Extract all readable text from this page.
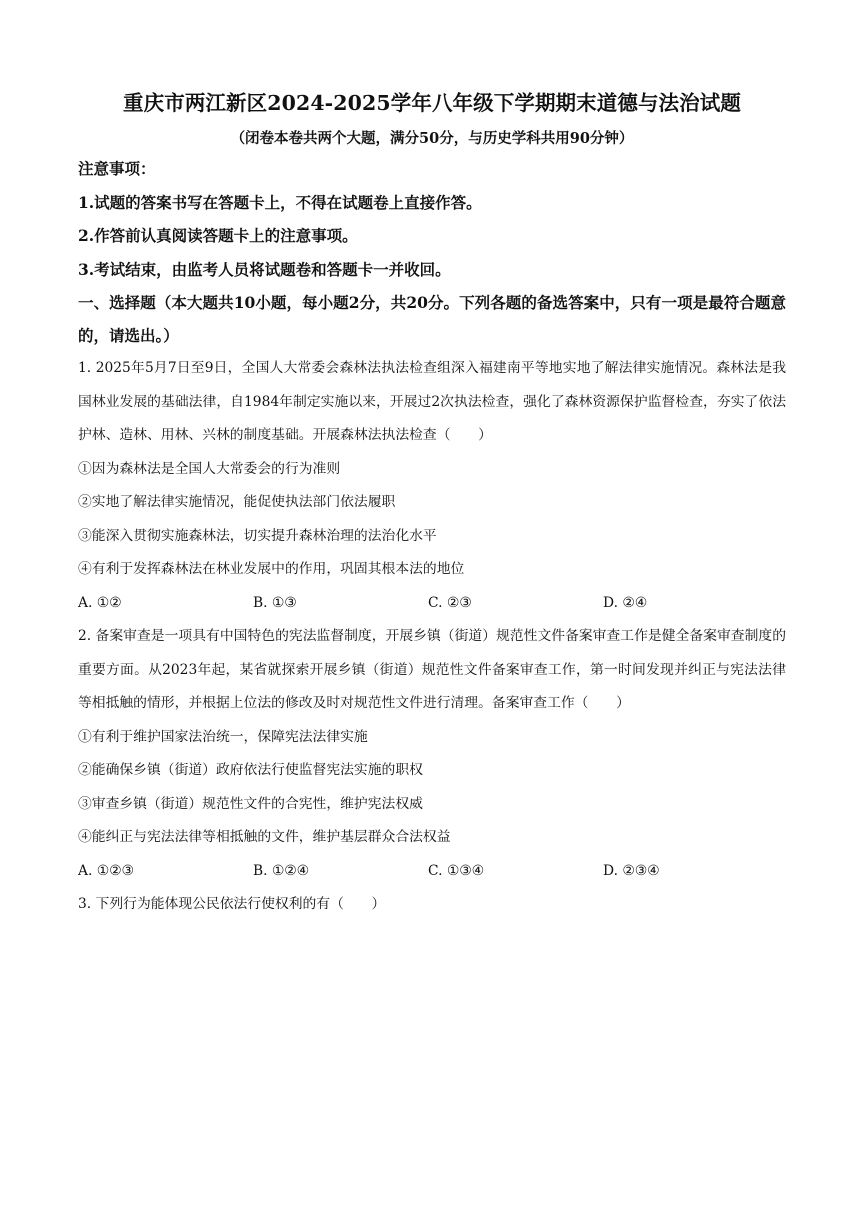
重庆市两江新区2024-2025学年八年级下学期期末道德与法治试题
（闭卷本卷共两个大题，满分50分，与历史学科共用90分钟）
注意事项：
1.试题的答案书写在答题卡上，不得在试题卷上直接作答。
2.作答前认真阅读答题卡上的注意事项。
3.考试结束，由监考人员将试题卷和答题卡一并收回。
一、选择题（本大题共10小题，每小题2分，共20分。下列各题的备选答案中，只有一项是最符合题意的，请选出。）
1. 2025年5月7日至9日，全国人大常委会森林法执法检查组深入福建南平等地实地了解法律实施情况。森林法是我国林业发展的基础法律，自1984年制定实施以来，开展过2次执法检查，强化了森林资源保护监督检查，夯实了依法护林、造林、用林、兴林的制度基础。开展森林法执法检查（　　）
①因为森林法是全国人大常委会的行为准则
②实地了解法律实施情况，能促使执法部门依法履职
③能深入贯彻实施森林法，切实提升森林治理的法治化水平
④有利于发挥森林法在林业发展中的作用，巩固其根本法的地位
A. ①②	B. ①③	C. ②③	D. ②④
2. 备案审查是一项具有中国特色的宪法监督制度，开展乡镇（街道）规范性文件备案审查工作是健全备案审查制度的重要方面。从2023年起，某省就探索开展乡镇（街道）规范性文件备案审查工作，第一时间发现并纠正与宪法法律等相抵触的情形，并根据上位法的修改及时对规范性文件进行清理。备案审查工作（　　）
①有利于维护国家法治统一，保障宪法法律实施
②能确保乡镇（街道）政府依法行使监督宪法实施的职权
③审查乡镇（街道）规范性文件的合宪性，维护宪法权威
④能纠正与宪法法律等相抵触的文件，维护基层群众合法权益
A. ①②③	B. ①②④	C. ①③④	D. ②③④
3. 下列行为能体现公民依法行使权利的有（　　）
